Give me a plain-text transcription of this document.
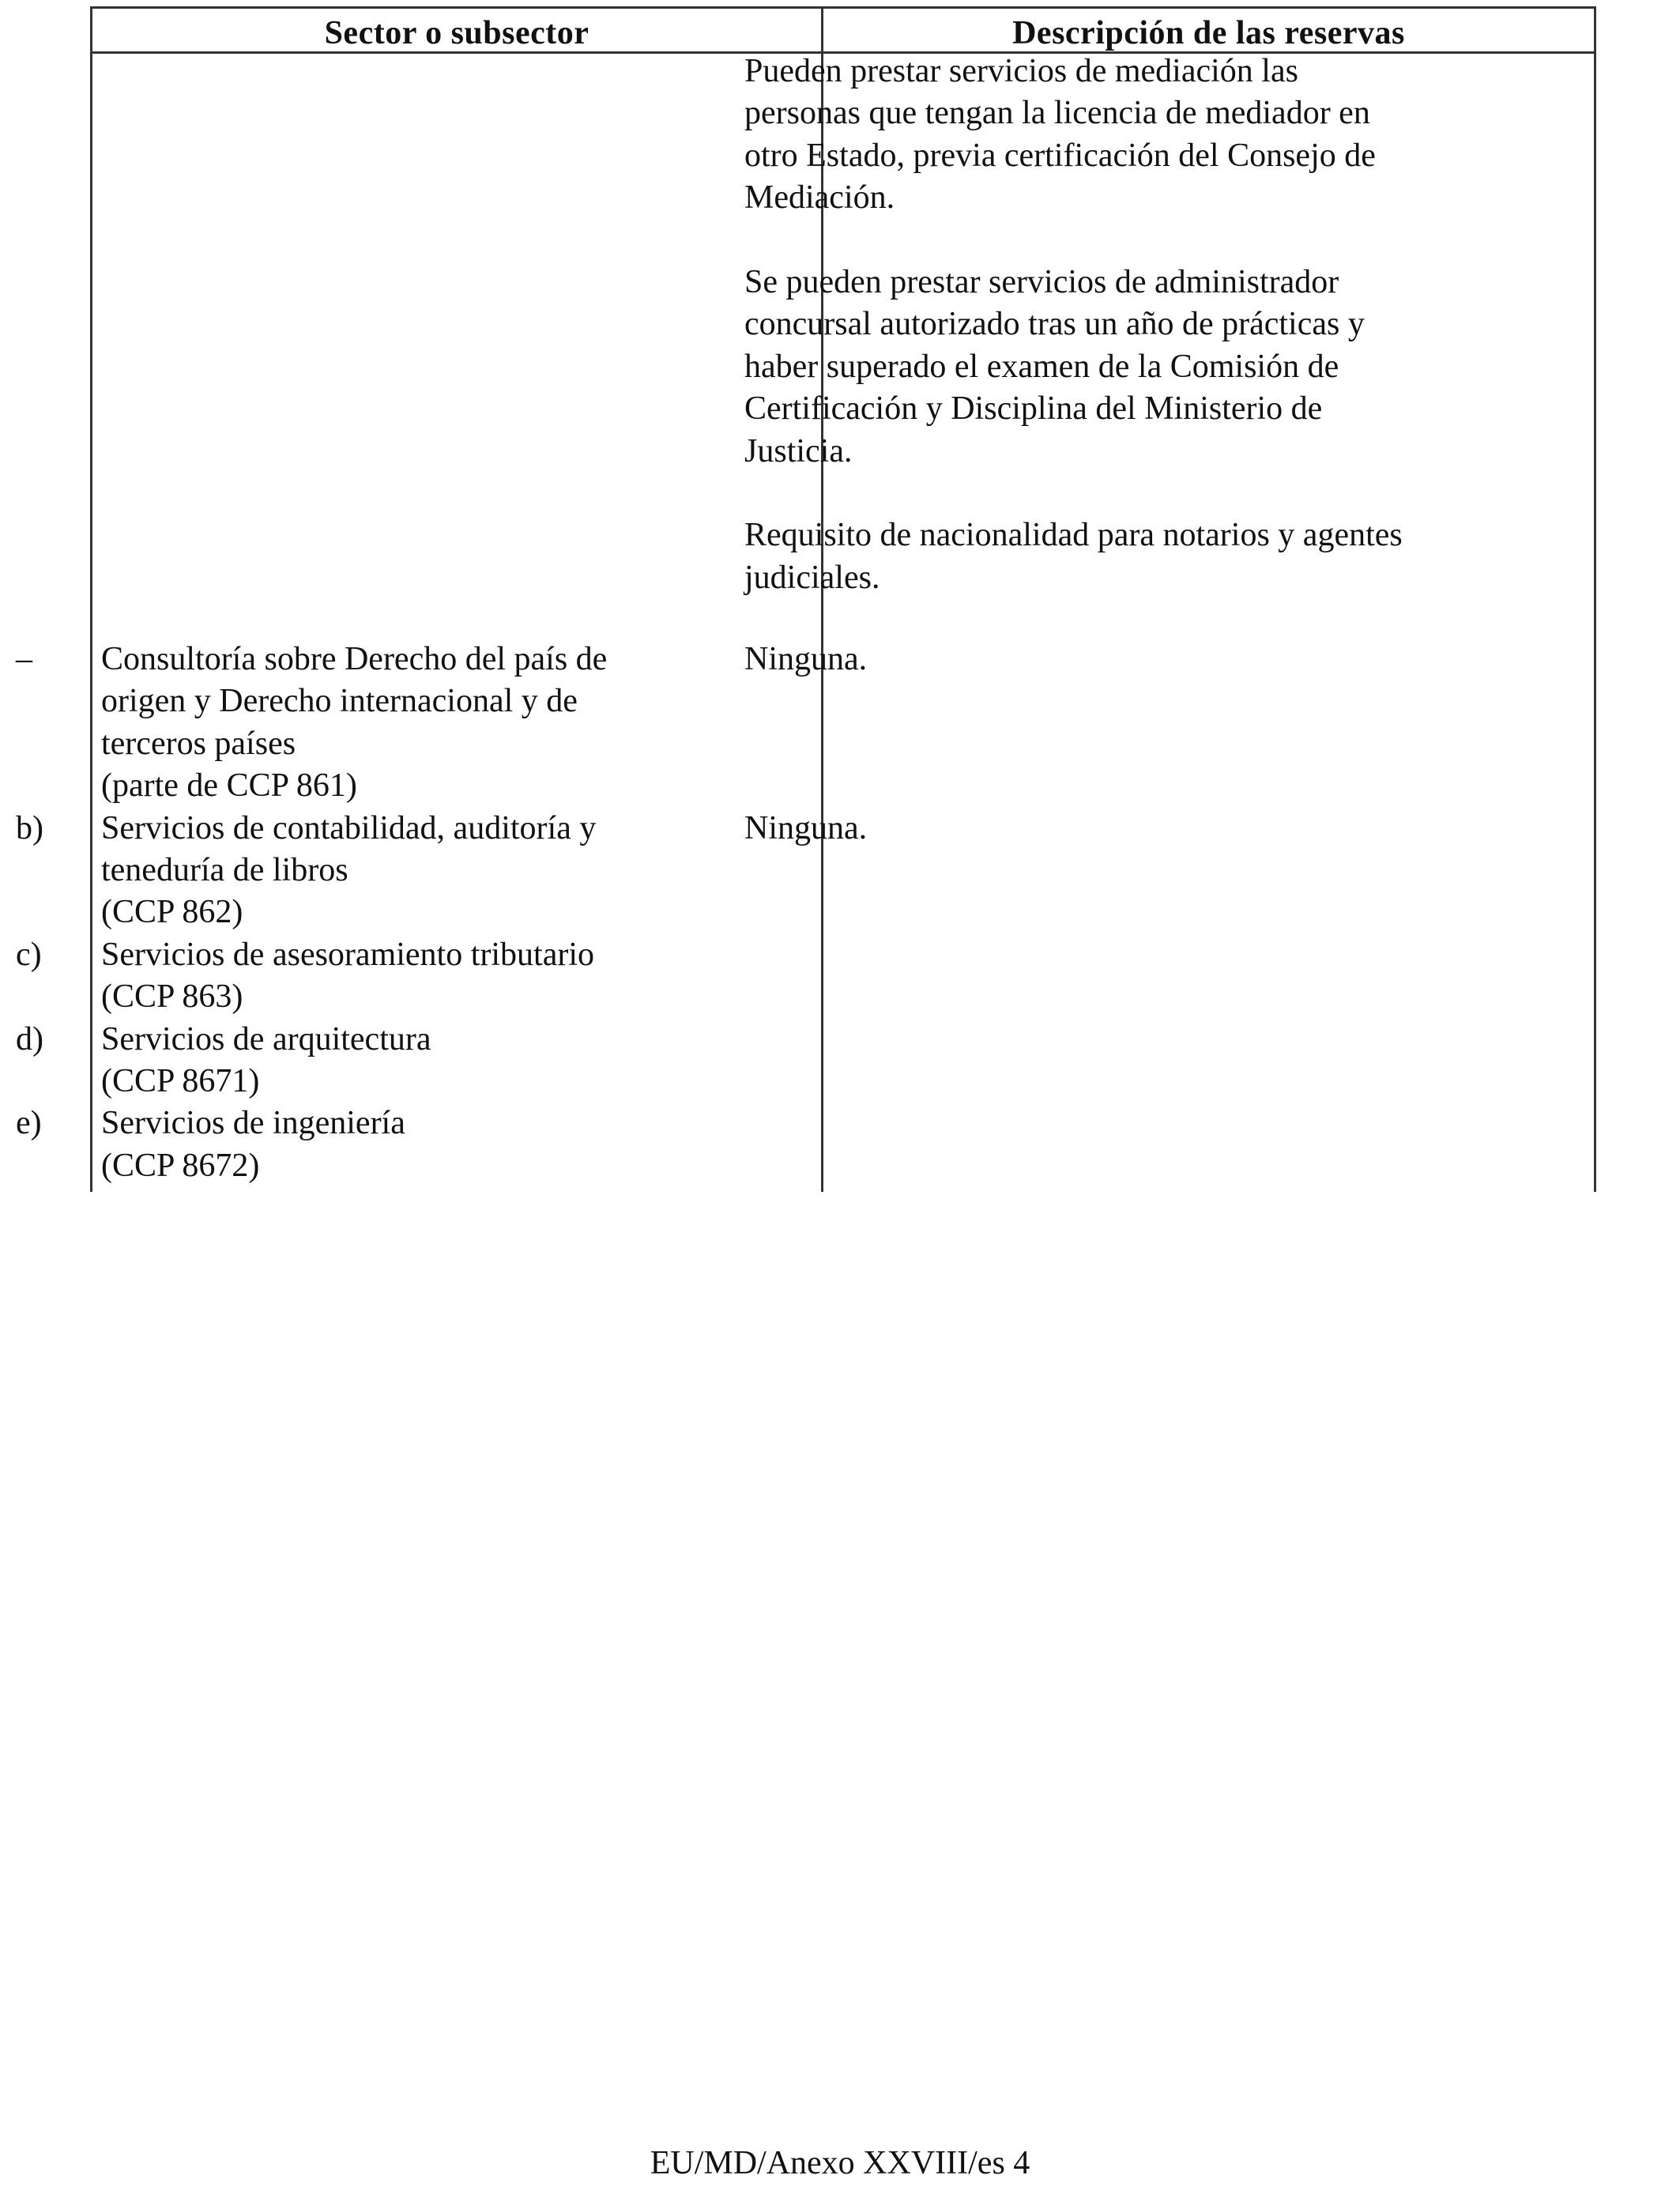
Sector o subsector	Descripción de las reservas

Pueden prestar servicios de mediación las
personas que tengan la licencia de mediador en
otro Estado, previa certificación del Consejo de
Mediación.

Se pueden prestar servicios de administrador
concursal autorizado tras un año de prácticas y
haber superado el examen de la Comisión de
Certificación y Disciplina del Ministerio de
Justicia.

Requisito de nacionalidad para notarios y agentes
judiciales.

– Consultoría sobre Derecho del país de
origen y Derecho internacional y de
terceros países
(parte de CCP 861)
b) Servicios de contabilidad, auditoría y
teneduría de libros
(CCP 862)
c) Servicios de asesoramiento tributario
(CCP 863)
d) Servicios de arquitectura
(CCP 8671)
e) Servicios de ingeniería
(CCP 8672)
Ninguna.
Ninguna.
EU/MD/Anexo XXVIII/es 4
